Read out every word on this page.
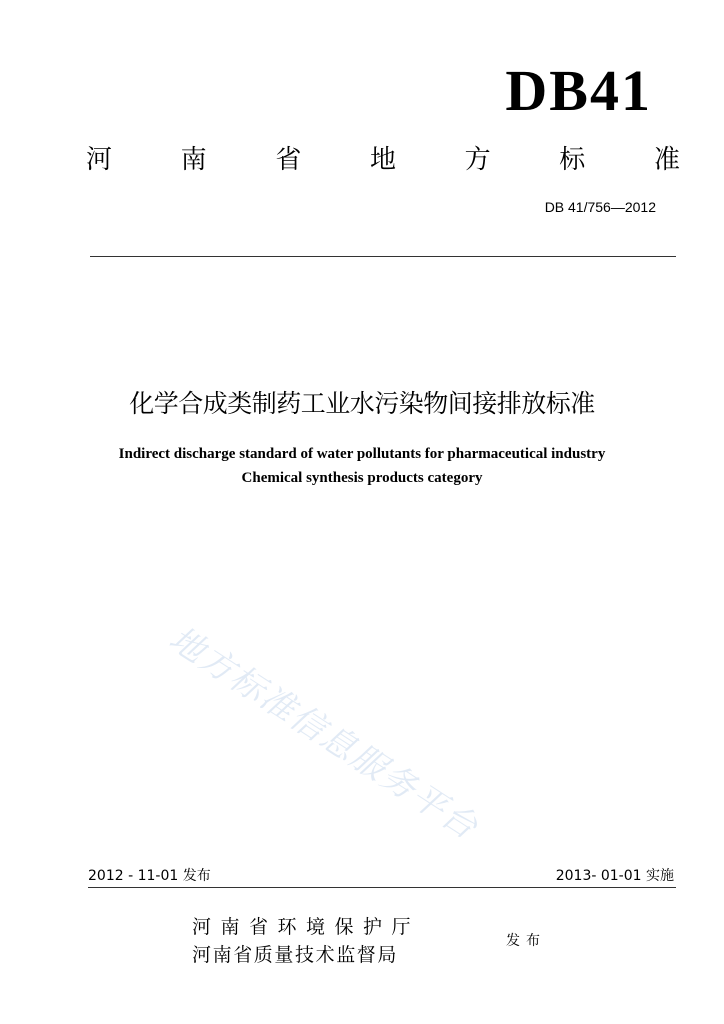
DB41
河	南	省	地	方	标	准
DB 41/756—2012
化学合成类制药工业水污染物间接排放标准
Indirect discharge standard of water pollutants for pharmaceutical industry
Chemical synthesis products category
地方标准信息服务平台
2012 - 11-01 发布	2013- 01-01 实施
河南省环境保护厅
河南省质量技术监督局
发布
